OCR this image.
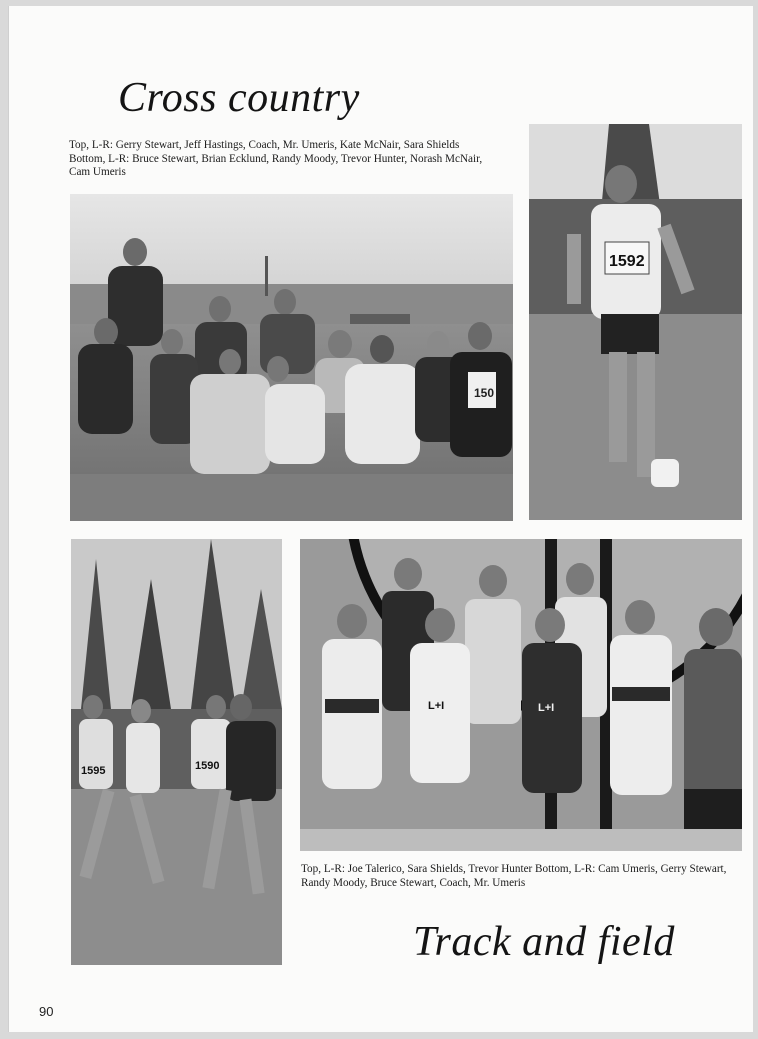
Cross country
Top, L-R: Gerry Stewart, Jeff Hastings, Coach, Mr. Umeris, Kate McNair, Sara Shields
Bottom, L-R: Bruce Stewart, Brian Ecklund, Randy Moody, Trevor Hunter, Norash McNair,
Cam Umeris
150
1592
1595	1590
L+I	L+I
Top, L-R: Joe Talerico, Sara Shields, Trevor Hunter Bottom, L-R: Cam Umeris, Gerry Stewart, Randy Moody, Bruce Stewart, Coach, Mr. Umeris
Track and field
90
